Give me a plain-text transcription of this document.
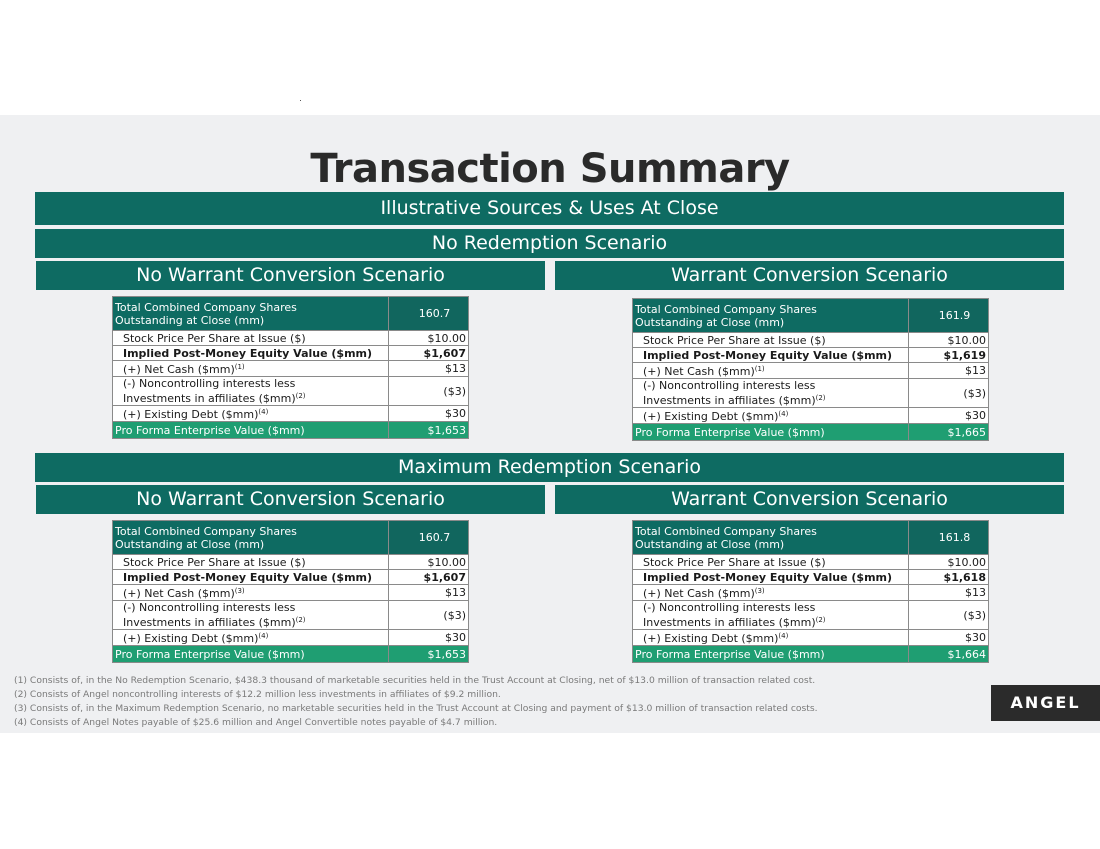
Transaction Summary
Illustrative Sources & Uses At Close
No Redemption Scenario
No Warrant Conversion Scenario	Warrant Conversion Scenario
Maximum Redemption Scenario
No Warrant Conversion Scenario	Warrant Conversion Scenario
Total Combined Company Shares
Outstanding at Close (mm)	160.7
Stock Price Per Share at Issue ($)	$10.00
Implied Post-Money Equity Value ($mm)	$1,607
(+) Net Cash ($mm)$^{(1)}$	$13
(-) Noncontrolling interests less
Investments in affiliates ($mm)$^{(2)}$	($3)
(+) Existing Debt ($mm)$^{(4)}$	$30
Pro Forma Enterprise Value ($mm)	$1,653
Total Combined Company Shares
Outstanding at Close (mm)	161.9
Stock Price Per Share at Issue ($)	$10.00
Implied Post-Money Equity Value ($mm)	$1,619
(+) Net Cash ($mm)$^{(1)}$	$13
(-) Noncontrolling interests less
Investments in affiliates ($mm)$^{(2)}$	($3)
(+) Existing Debt ($mm)$^{(4)}$	$30
Pro Forma Enterprise Value ($mm)	$1,665
Total Combined Company Shares
Outstanding at Close (mm)	160.7
Stock Price Per Share at Issue ($)	$10.00
Implied Post-Money Equity Value ($mm)	$1,607
(+) Net Cash ($mm)$^{(3)}$	$13
(-) Noncontrolling interests less
Investments in affiliates ($mm)$^{(2)}$	($3)
(+) Existing Debt ($mm)$^{(4)}$	$30
Pro Forma Enterprise Value ($mm)	$1,653
Total Combined Company Shares
Outstanding at Close (mm)	161.8
Stock Price Per Share at Issue ($)	$10.00
Implied Post-Money Equity Value ($mm)	$1,618
(+) Net Cash ($mm)$^{(3)}$	$13
(-) Noncontrolling interests less
Investments in affiliates ($mm)$^{(2)}$	($3)
(+) Existing Debt ($mm)$^{(4)}$	$30
Pro Forma Enterprise Value ($mm)	$1,664
(1) Consists of, in the No Redemption Scenario, $438.3 thousand of marketable securities held in the Trust Account at Closing, net of $13.0 million of transaction related cost.
(2) Consists of Angel noncontrolling interests of $12.2 million less investments in affiliates of $9.2 million.
(3) Consists of, in the Maximum Redemption Scenario, no marketable securities held in the Trust Account at Closing and payment of $13.0 million of transaction related costs.
(4) Consists of Angel Notes payable of $25.6 million and Angel Convertible notes payable of $4.7 million.
ANGEL
